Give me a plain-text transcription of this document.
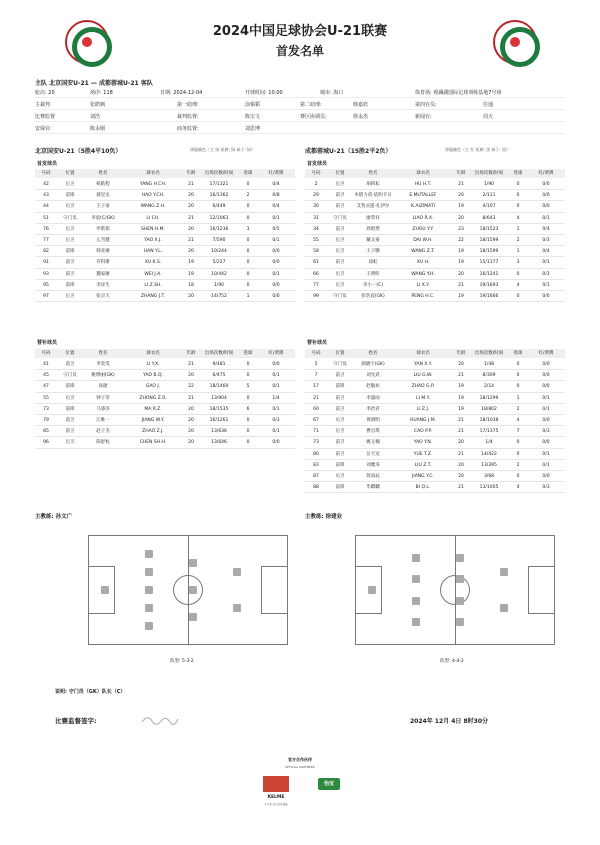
2024中国足球协会U-21联赛
首发名单
主队 北京国安U-21 — 成都蓉城U-21 客队
轮次: 20	场序: 118	日期: 2024-12-04	开球时间: 10:00	城市: 海口	体育场: 观澜湖国际足球训练基地7号场
主裁判	张皓枫	第一助理:	涂锡韬	第二助理:	韩嘉欣	第四官员:	任通
比赛监督	刘浩	裁判监督:	陈宝文	赛区协调员:	徐永杰	新闻官:	周天
安保官:	陈永刚	商务监督:	刘思博
北京国安U-21（5胜4平10负）	球服颜色（主 绿 短裤: 绿 袜子: 绿）	成都蓉城U-21（15胜2平2负）	球服颜色（主 红 短裤: 黑 袜子: 黑）
首发球员
号码	位置	姓名	球衣名	年龄	出场次数/时间	进球	红/黄牌
42	后卫	杨皓程	YANG H.CH.	21	17/1321	0	0/4
43	前锋	郝昱丞	HAO Y.CH.	20	16/1362	2	0/8
44	后卫	王子豪	WANG Z.H.	20	6/449	0	0/4
51	守门员	李宸(C/GK)	LI CH.	21	12/1063	0	0/1
76	后卫	申皓铭	SHEN H.M.	20	16/1236	3	0/5
77	后卫	么雪健	YAO X.J.	21	7/590	0	0/1
82	前锋	韩亚赓	HAN Y.L.	20	10/244	0	0/0
91	前卫	许科斯	XU K.S.	19	5/227	0	0/0
93	前卫	魏家赓	WEI J.A.	19	10/442	0	0/1
95	前锋	李泽生	LI Z.SH.	18	1/90	0	0/0
97	后卫	张京天	ZHANG J.T.	20	14/752	1	0/0
替补球员
号码	位置	姓名	球衣名	年龄	出场次数/时间	进球	红/黄牌
41	前卫	李奕雯	LI Y.X.	21	9/481	0	0/0
45	守门员	姚博丽(GK)	YAO B.Q.	20	6/475	0	0/1
47	前锋	高捷	GAO J.	22	18/1460	5	0/1
55	后卫	钟子荣	ZHONG Z.R.	21	13/904	0	1/4
73	前锋	马睿泽	MA R.Z.	20	18/1535	6	0/1
79	前卫	江唯一	JIANG W.Y.	20	16/1261	0	0/3
85	前卫	赵子杰	ZHAO Z.J.	20	13/636	0	0/1
96	后卫	陈舒杭	CHEN SH.H.	20	13/646	0	0/0
首发球员
号码	位置	姓名	球衣名	年龄	出场次数/时间	进球	红/黄牌
2	后卫	胡荷耘	HU H.T.	21	1/90	0	0/0
29	前卫	木塔力甫·依明卡日	E.MUTALLEF	20	2/111	0	0/0
30	前卫	艾孜买提·扎伊尔	K.AIZIMATI	19	4/107	0	0/0
31	守门员	廖荣祥	LIAO R.X.	20	8/643	4	0/1
34	前卫	周昭然	ZHOU Y.Y.	23	18/1523	1	0/4
55	后卫	戴文豪	DAI W.H.	22	18/1599	2	0/3
58	后卫	王子腾	WANG Z.T.	19	18/1599	1	0/4
61	前卫	徐虹	XU H.	19	15/1177	3	0/1
66	后卫	王明昕	WANG Y.H.	20	16/1241	0	0/3
77	后卫	李小一(C)	LI X.Y.	21	19/1693	4	0/1
99	守门员	彭浩宸(GK)	PENG H.C.	19	19/1666	0	0/0
替补球员
号码	位置	姓名	球衣名	年龄	出场次数/时间	进球	红/黄牌
5	守门员	颜晓宇(GK)	YAN X.Y.	20	1/48	0	0/0
7	前卫	刘光武	LIU G.W.	21	8/309	0	0/0
17	前锋	赵敏坊	ZHAO G.P.	19	2/14	0	0/0
21	前卫	李濠雨	LI M.Y.	19	18/1299	1	0/1
60	前卫	李治君	LI Z.J.	19	18/802	2	0/1
67	后卫	黄朗明	HUANG J.M.	21	18/1038	4	0/0
71	后卫	曹昌琪	CAO P.P.	21	17/1375	7	0/3
73	前卫	姚又楠	YAO Y.N.	20	1/4	0	0/0
80	前卫	岳天宠	YUE T.Z.	21	14/422	0	0/1
83	前锋	刘雅涛	LIU Z.T.	20	13/395	2	0/1
87	后卫	蒋雨辰	JIANG Y.C.	20	3/68	0	0/0
88	前锋	毕麒麟	BI Q.L.	21	13/1005	4	0/3
主教练: 孙文广	主教练: 徐建业
阵型: 5-3-2	阵型: 4-4-2
说明: 守门员（GK）队长（C）
比赛监督签字:	2024年 12月 4日 8时30分
官方合作伙伴
OFFICIAL PARTNERS
KELME
卡尔美 官方运动装备
怡宝
